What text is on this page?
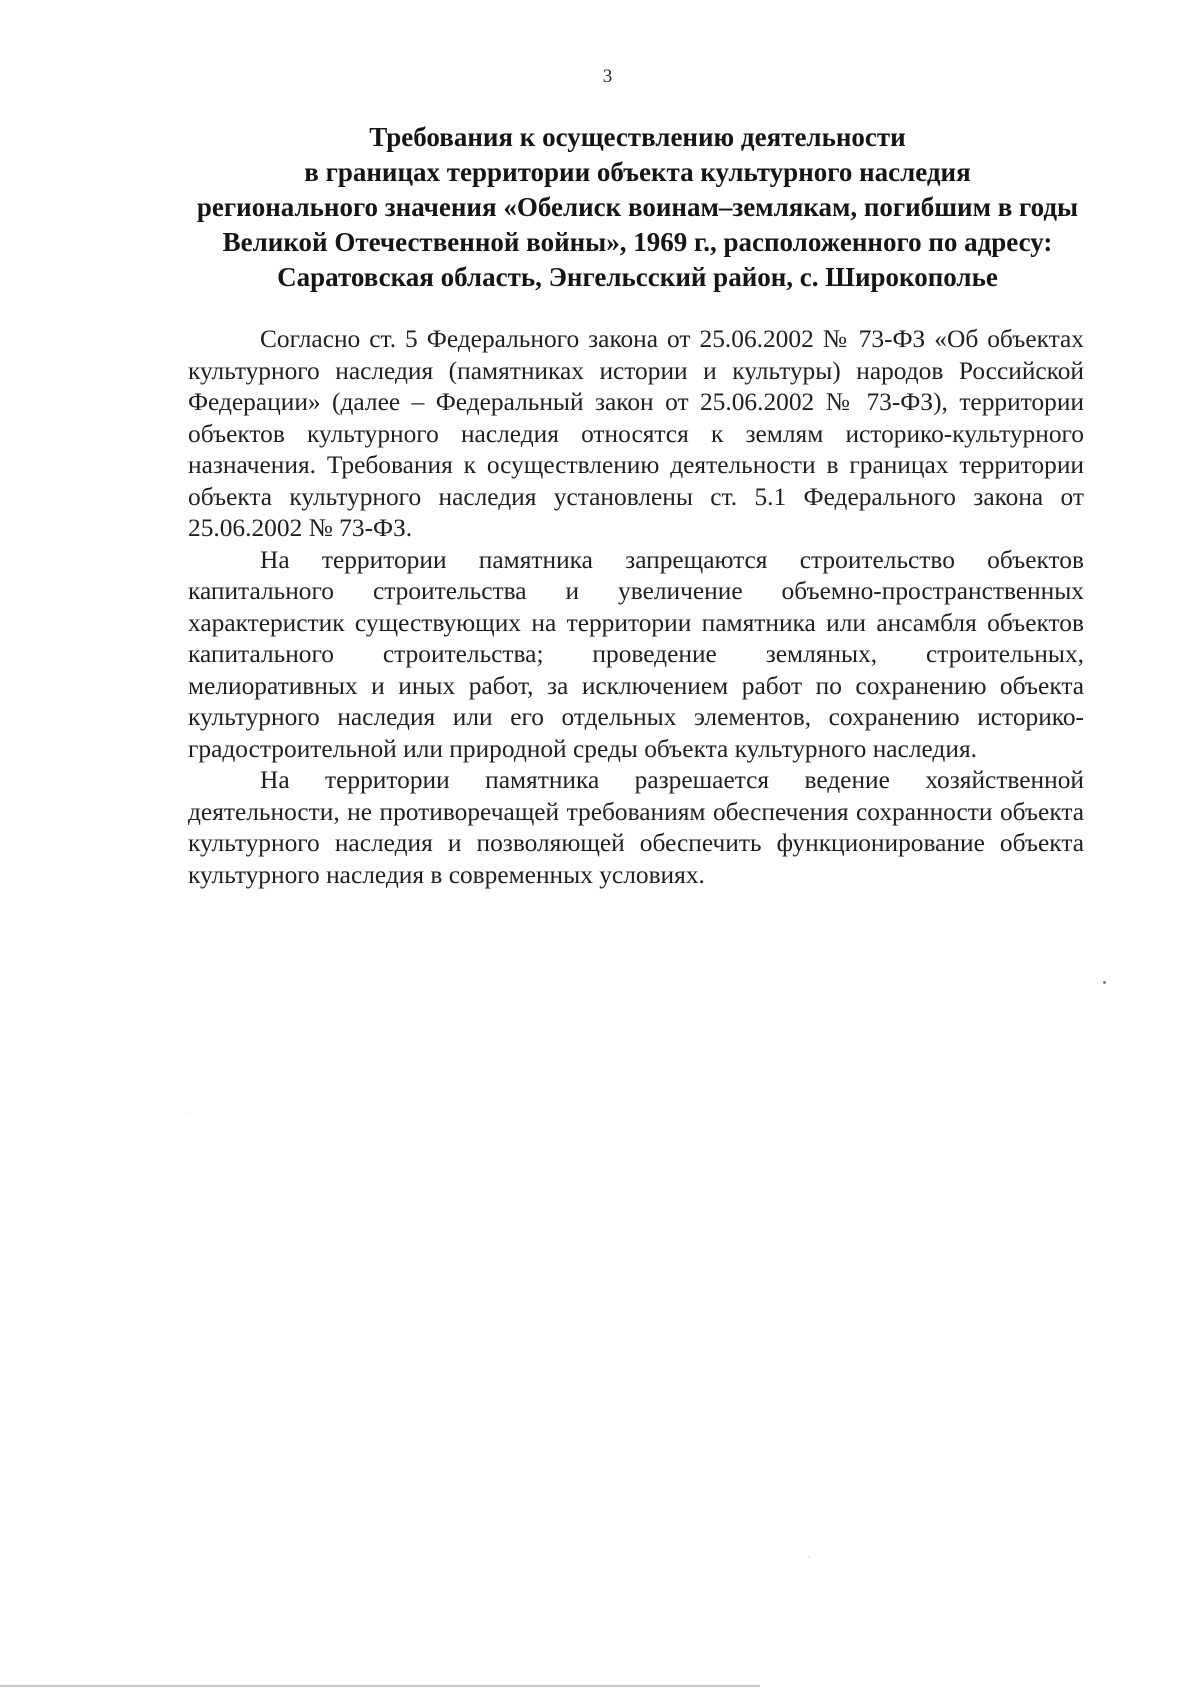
3
Требования к осуществлению деятельности
в границах территории объекта культурного наследия
регионального значения «Обелиск воинам–землякам, погибшим в годы
Великой Отечественной войны», 1969 г., расположенного по адресу:
Саратовская область, Энгельсский район, с. Широкополье

Согласно ст. 5 Федерального закона от 25.06.2002 № 73-ФЗ «Об объектах культурного наследия (памятниках истории и культуры) народов Российской Федерации» (далее – Федеральный закон от 25.06.2002 № 73-ФЗ), территории объектов культурного наследия относятся к землям историко-культурного назначения. Требования к осуществлению деятельности в границах территории объекта культурного наследия установлены ст. 5.1 Федерального закона от 25.06.2002 № 73-ФЗ.

На территории памятника запрещаются строительство объектов капитального строительства и увеличение объемно-пространственных характеристик существующих на территории памятника или ансамбля объектов капитального строительства; проведение земляных, строительных, мелиоративных и иных работ, за исключением работ по сохранению объекта культурного наследия или его отдельных элементов, сохранению историко-градостроительной или природной среды объекта культурного наследия.

На территории памятника разрешается ведение хозяйственной деятельности, не противоречащей требованиям обеспечения сохранности объекта культурного наследия и позволяющей обеспечить функционирование объекта культурного наследия в современных условиях.
